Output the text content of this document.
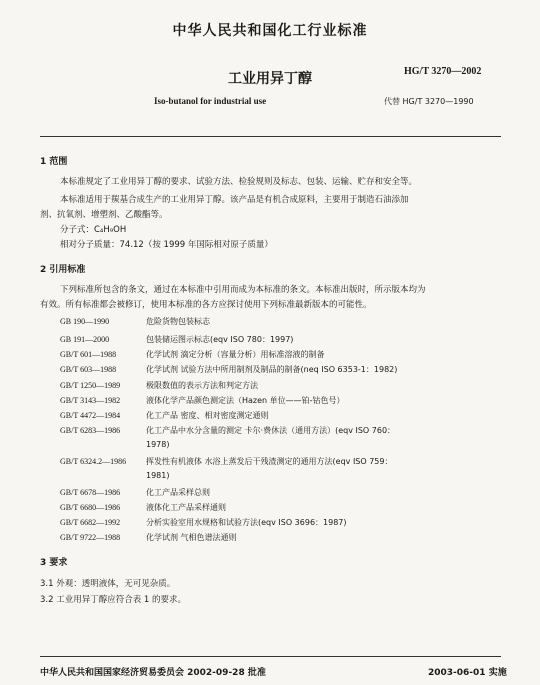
中华人民共和国化工行业标准
工业用异丁醇	HG/T 3270—2002
Iso-butanol for industrial use	代替 HG/T 3270—1990
1 范围
本标准规定了工业用异丁醇的要求、试验方法、检验规则及标志、包装、运输、贮存和安全等。
本标准适用于羰基合成生产的工业用异丁醇。该产品是有机合成原料，主要用于制造石油添加
剂、抗氧剂、增塑剂、乙酸酯等。
分子式：C₄H₉OH
相对分子质量：74.12（按 1999 年国际相对原子质量）
2 引用标准
下列标准所包含的条文，通过在本标准中引用而成为本标准的条文。本标准出版时，所示版本均为
有效。所有标准都会被修订，使用本标准的各方应探讨使用下列标准最新版本的可能性。
GB 190—1990	危险货物包装标志
GB 191—2000	包装储运图示标志(eqv ISO 780：1997)
GB/T 601—1988	化学试剂 滴定分析（容量分析）用标准溶液的制备
GB/T 603—1988	化学试剂 试验方法中所用制剂及制品的制备(neq ISO 6353-1：1982)
GB/T 1250—1989	极限数值的表示方法和判定方法
GB/T 3143—1982	液体化学产品颜色测定法（Hazen 单位——铂-钴色号）
GB/T 4472—1984	化工产品 密度、相对密度测定通则
GB/T 6283—1986	化工产品中水分含量的测定 卡尔·费休法（通用方法）(eqv ISO 760：
1978)
GB/T 6324.2—1986 挥发性有机液体 水浴上蒸发后干残渣测定的通用方法(eqv ISO 759：
1981)
GB/T 6678—1986	化工产品采样总则
GB/T 6680—1986	液体化工产品采样通则
GB/T 6682—1992	分析实验室用水规格和试验方法(eqv ISO 3696：1987)
GB/T 9722—1988	化学试剂 气相色谱法通则
3 要求
3.1 外观：透明液体，无可见杂质。
3.2 工业用异丁醇应符合表 1 的要求。
中华人民共和国国家经济贸易委员会 2002-09-28 批准	2003-06-01 实施
